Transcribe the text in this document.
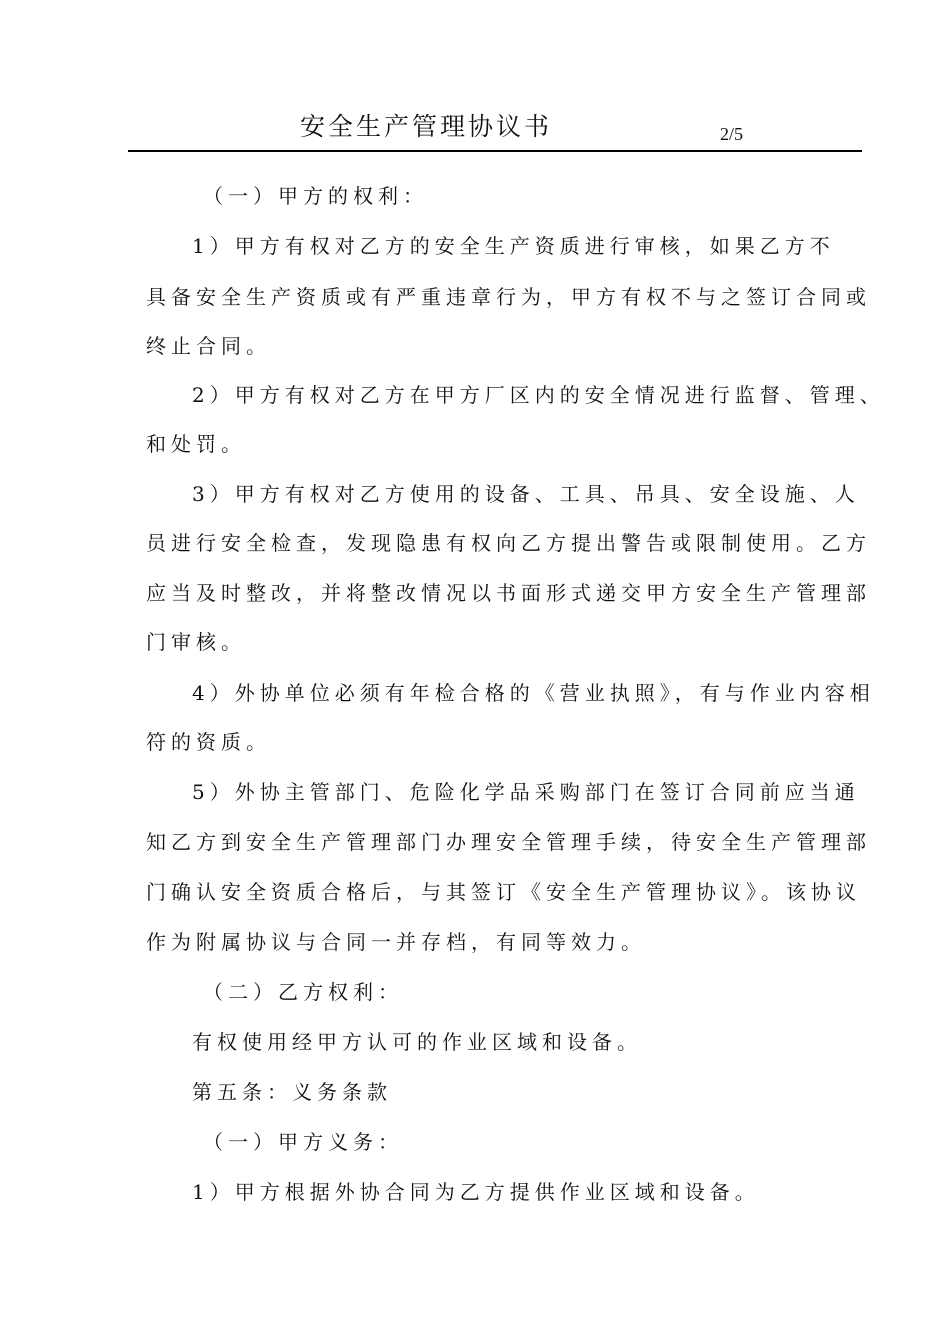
安全生产管理协议书	2/5
（一）甲方的权利：
1）甲方有权对乙方的安全生产资质进行审核，如果乙方不
具备安全生产资质或有严重违章行为，甲方有权不与之签订合同或
终止合同。
2）甲方有权对乙方在甲方厂区内的安全情况进行监督、管理、
和处罚。
3）甲方有权对乙方使用的设备、工具、吊具、安全设施、人
员进行安全检查，发现隐患有权向乙方提出警告或限制使用。乙方
应当及时整改，并将整改情况以书面形式递交甲方安全生产管理部
门审核。
4）外协单位必须有年检合格的《营业执照》，有与作业内容相
符的资质。
5）外协主管部门、危险化学品采购部门在签订合同前应当通
知乙方到安全生产管理部门办理安全管理手续，待安全生产管理部
门确认安全资质合格后，与其签订《安全生产管理协议》。该协议
作为附属协议与合同一并存档，有同等效力。
（二）乙方权利：
有权使用经甲方认可的作业区域和设备。
第五条：义务条款
（一）甲方义务：
1）甲方根据外协合同为乙方提供作业区域和设备。
